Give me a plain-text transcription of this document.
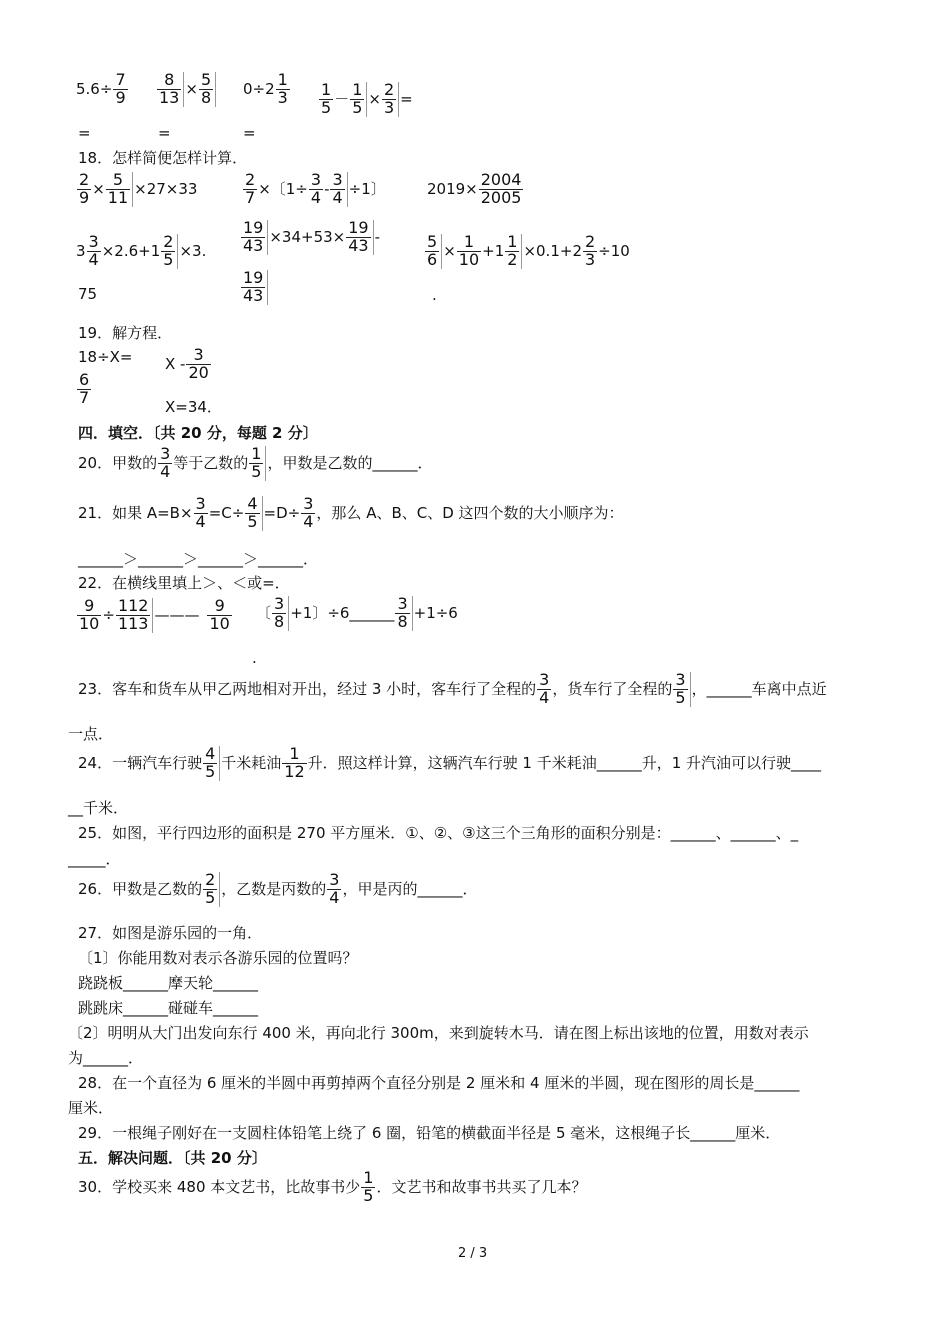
$5.6\div \frac{7}{9} \frac{8}{13} \times \frac{5}{8} 0\div 2 \frac{1}{3} \frac{1}{5} - \frac{1}{5} \times \frac{2}{3}$ =
=	=	=
18．怎样简便怎样计算．
$\frac{2}{9} \times \frac{5}{11} \times 27\times 33$	$\frac{2}{7}$ ×〔$1\div \frac{3}{4} - \frac{3}{4} \div 1$〕	$2019\times \frac{2004}{2005}$
$3 \frac{3}{4} \times 2.6+1 \frac{2}{5} \times 3$.
75
$\frac{19}{43} \times 34+53\times \frac{19}{43}$ -
$\frac{19}{43}$
$\frac{5}{6} \times \frac{1}{10} +1 \frac{1}{2} \times 0.1+2 \frac{2}{3} \div 10$
.
19．解方程．
18÷X=
$\frac{6}{7}$
X - $\frac{3}{20}$
X=34．
四．填空．〔共 20 分，每题 2 分〕
20．甲数的 $\frac{3}{4}$ 等于乙数的 $\frac{1}{5}$ ，甲数是乙数的______．
21．如果 $A=B\times \frac{3}{4} =C\div \frac{4}{5} =D\div \frac{3}{4}$ ，那么 A、B、C、D 这四个数的大小顺序为：
______＞______＞______＞______．
22．在横线里填上＞、＜或=．
$\frac{9}{10} \div \frac{112}{113}$ ——— $\frac{9}{10}$ 〔 $\frac{3}{8} +1$〕÷6______ $\frac{3}{8} +1\div 6$
.
23．客车和货车从甲乙两地相对开出，经过 3 小时，客车行了全程的 $\frac{3}{4}$ ，货车行了全程的 $\frac{3}{5}$ ，______车离中点近
一点．
24．一辆汽车行驶 $\frac{4}{5}$ 千米耗油 $\frac{1}{12}$ 升．照这样计算，这辆汽车行驶 1 千米耗油______升，1 升汽油可以行驶____
__千米．
25．如图，平行四边形的面积是 270 平方厘米．①、②、③这三个三角形的面积分别是：______、______、_
_____．
26．甲数是乙数的 $\frac{2}{5}$ ，乙数是丙数的 $\frac{3}{4}$ ，甲是丙的______．
27．如图是游乐园的一角．
〔1〕你能用数对表示各游乐园的位置吗？
跷跷板______摩天轮______
跳跳床______碰碰车______
〔2〕明明从大门出发向东行 400 米，再向北行 300m，来到旋转木马．请在图上标出该地的位置，用数对表示
为______．
28．在一个直径为 6 厘米的半圆中再剪掉两个直径分别是 2 厘米和 4 厘米的半圆，现在图形的周长是______
厘米．
29．一根绳子刚好在一支圆柱体铅笔上绕了 6 圈，铅笔的横截面半径是 5 毫米，这根绳子长______厘米．
五．解决问题．〔共 20 分〕
30．学校买来 480 本文艺书，比故事书少 $\frac{1}{5}$ ．文艺书和故事书共买了几本？
2 / 3
